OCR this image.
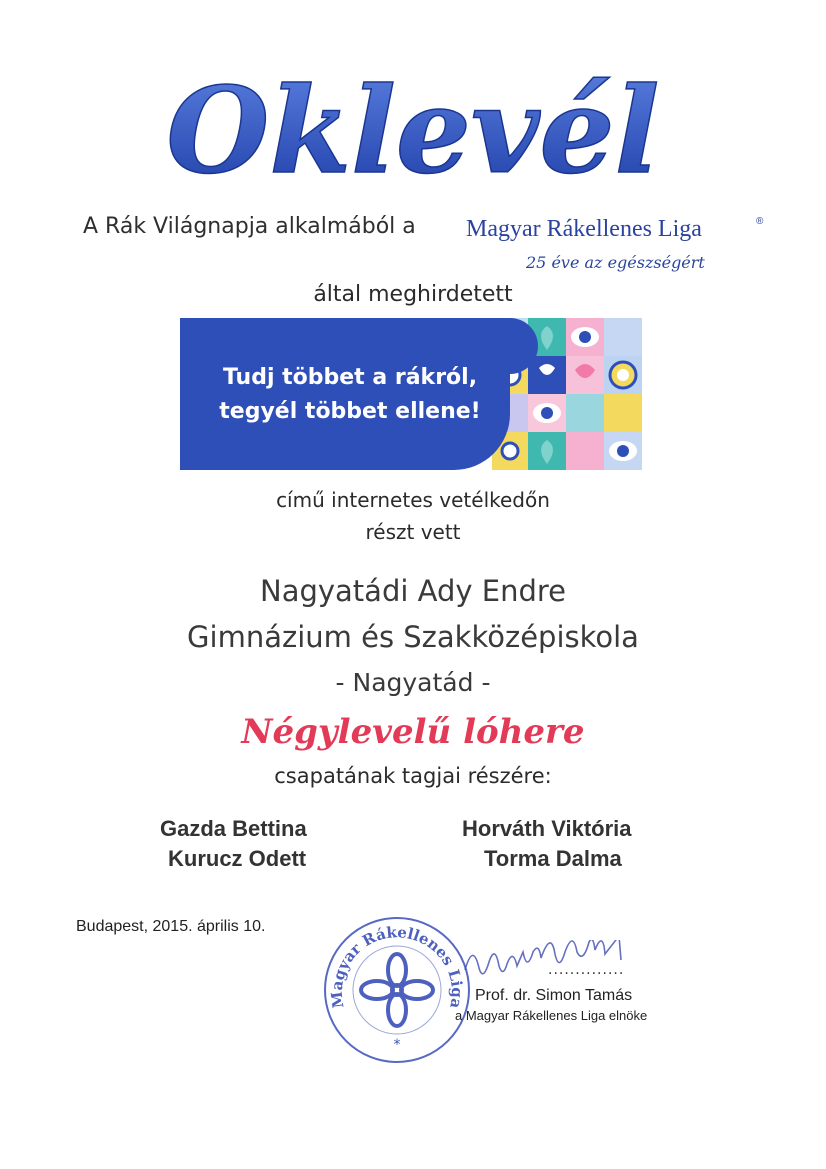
Oklevél
A Rák Világnapja alkalmából a Magyar Rákellenes Liga	®
25 éve az egészségért
által meghirdetett
Tudj többet a rákról,
tegyél többet ellene!
című internetes vetélkedőn
részt vett
Nagyatádi Ady Endre
Gimnázium és Szakközépiskola
- Nagyatád -
Négylevelű lóhere
csapatának tagjai részére:
Gazda Bettina
Kurucz Odett
Horváth Viktória
Torma Dalma
Budapest, 2015. április 10.
Magyar Rákellenes Liga
*
..............
Prof. dr. Simon Tamás
a Magyar Rákellenes Liga elnöke
